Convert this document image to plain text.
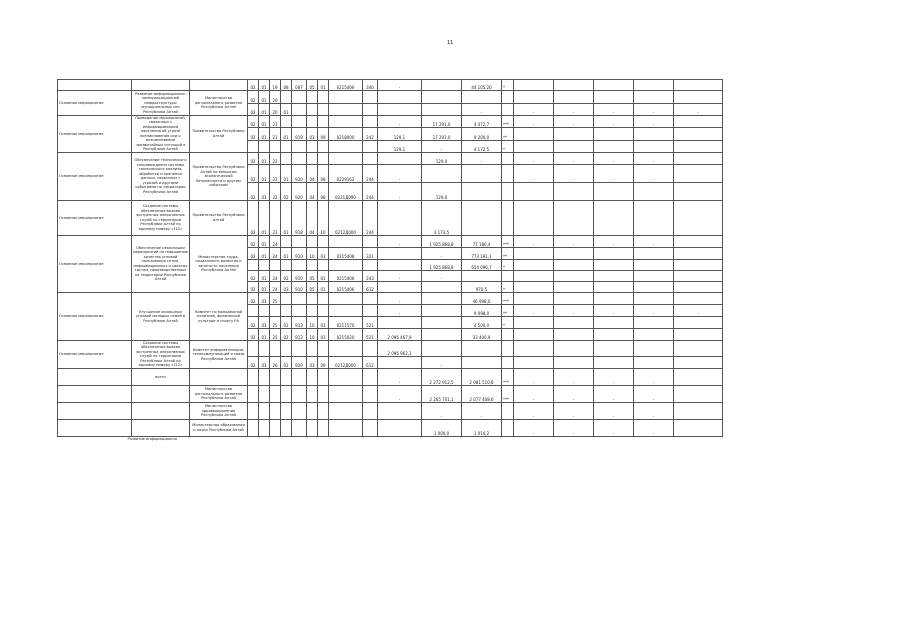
11
			02	01	19	08	007	05	01	0215406	340	-		44 105,20	*					
Основное мероприятие	Развитие информационно-коммуникационной инфраструктуры муниципальных сел Республики Алтай	Министерство регионального развития Республики Алтай	02	01	20															
			02	01	20	01								-		-	-	-	-	-
Основное мероприятие	Проведение мероприятий, связанных с информированием населения об угрозе возникновения или о возникновении чрезвычайных ситуаций в Республике Алтай	Правительство Республики Алтай	02	01	21							-	17 291,0	4 472,7	***	-	-	-	-	
			02	01	21	01	919	03	09	0218000	242	129,1	17 291,0	9 200,0	**					
												129,1	-	4 172,5	*					
Основное мероприятие	Обеспечение технического сопровождения системы технического анализа, обработки и хранения данных, связанных с угрозой и другими событиями на территории Республики Алтай	Правительство Республики Алтай по вопросам экологической безопасности и другим событиям	02	01	22								129,0	-		-	-	-	-	
			02	01	22	01	920	04	08	0229162	244	-				-	-	-	-	
			02	01	22	02	920	04	08	0221Д090	244	-	129,0							
Основное мероприятие	Создание системы обеспечения вызова экстренных оперативных служб по территории Республики Алтай по единому номеру «112»	Правительство Республики Алтай	02	01	23	01	918	04	10	0212Д000	244		3 173,5							
Основное мероприятие	Обеспечение реализации мероприятий по повышению качества условий пользования сетью, информационных и связных систем, производственных на территории Республики Алтай	Министерство труда, социального развития и занятости населения Республики Алтай	02	01	24							-	1 925 868,8	71 186,4	***	-	-	-	-	
			02	01	24	01	910	10	03	0215408	321		-	773 191,1	**					
													1 925 868,8	654 096,7	*					
			02	01	24	02	910	05	01	0215406	243	-	-							
			02	01	24	03	910	05	01	0215406	612			970,5	*					
Основное мероприятие	Улучшение жилищных условий молодых семей в Республике Алтай	Комитет по молодежной политике, физической культуре и спорту РА	02	01	25							-		46 998,0	***					
												-		9 098,0	**	-	-	-	-	-
			02	01	25	01	913	10	03	0211570	521			4 500,0	*					
			02	01	25	02	913	10	03	0215020	521	2 096 467,9		33 400,9						
Основное мероприятие	Создание системы обеспечения вызова экстренных оперативных служб по территории Республики Алтай по единому номеру «112»	Комитет информатизации, телекоммуникаций и связи Республики Алтай										2 096 962,3								
			02	01	26	01	929	03	09	0212Д000	612		-							
	всего											-	2 272 912,5	2 081 510,8	***	-	-	-	-	
		Министерство регионального развития Республики Алтай										-	2 265 701,1	2 077 408,6	***	-	-	-	-	
		Министерство здравоохранения Республики Алтай											-	-		-	-	-	-	
		Министерство образования и науки Республики Алтай											1 000,0	1 014,2		-	-	-	-	
Развитие информационно																				
